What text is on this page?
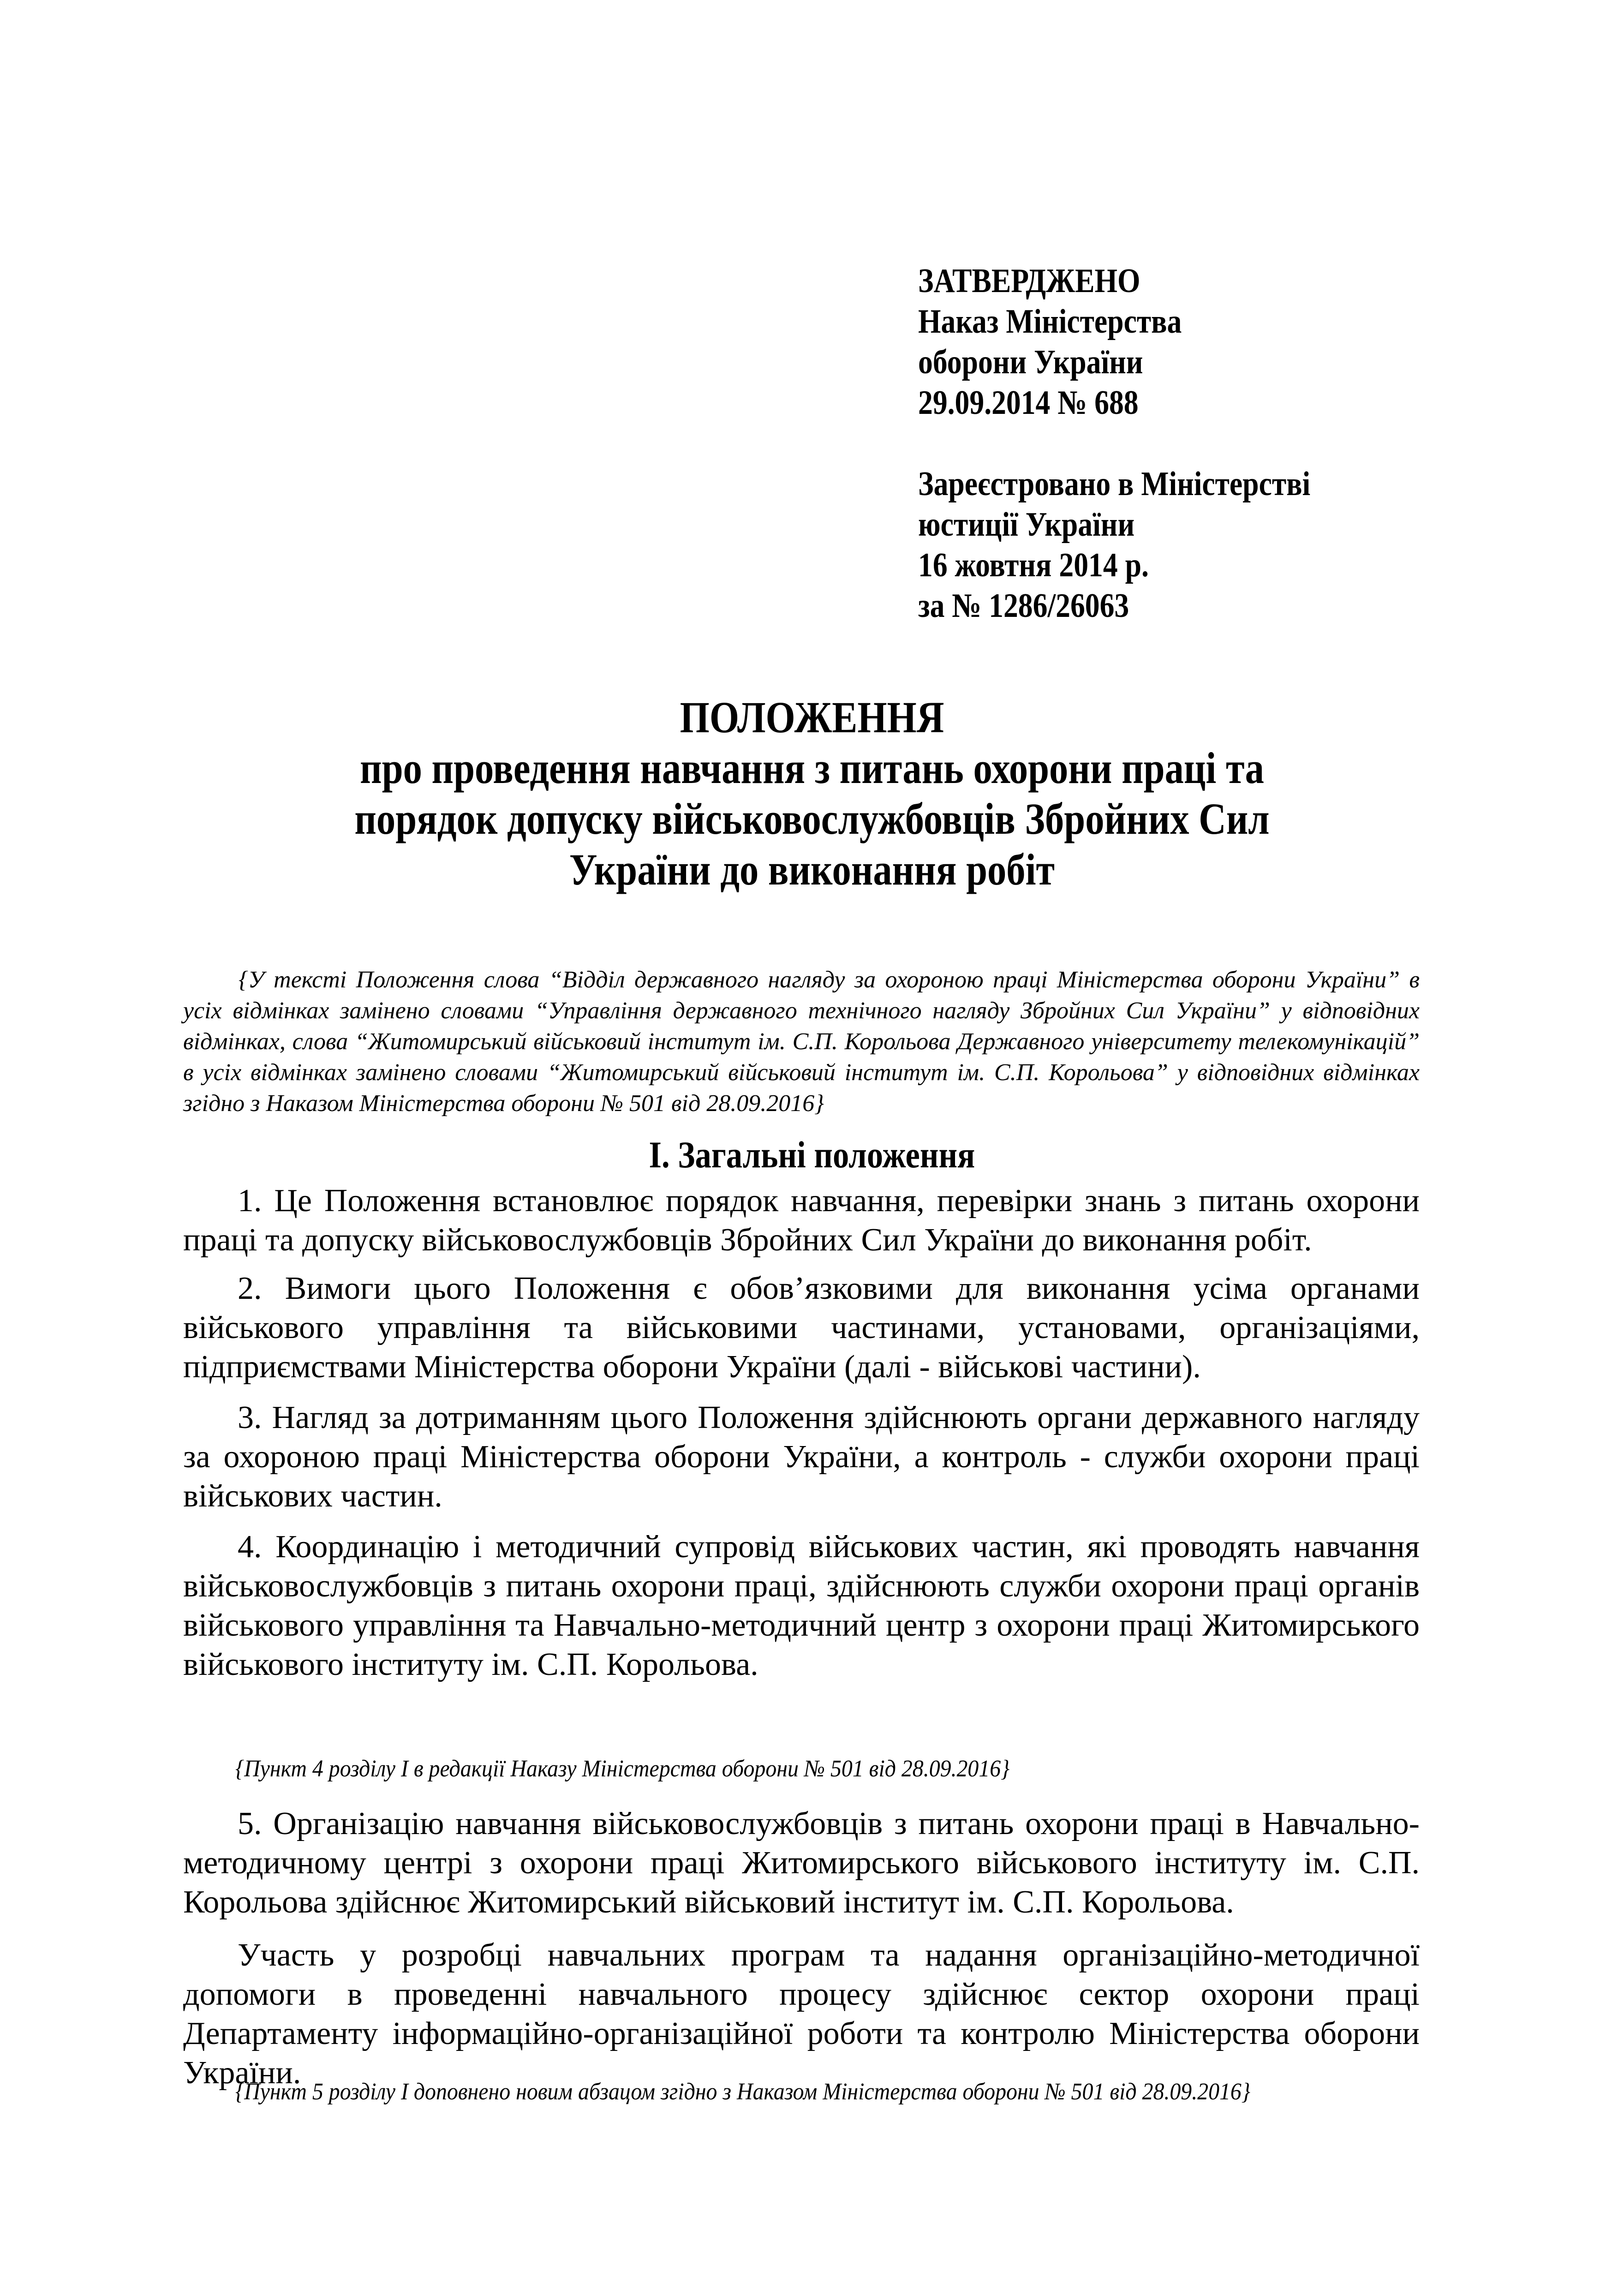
ЗАТВЕРДЖЕНО
Наказ Міністерства
оборони України
29.09.2014 № 688
Зареєстровано в Міністерстві
юстиції України
16 жовтня 2014 р.
за № 1286/26063
ПОЛОЖЕННЯ
про проведення навчання з питань охорони праці та
порядок допуску військовослужбовців Збройних Сил
України до виконання робіт
{У тексті Положення слова “Відділ державного нагляду за охороною праці Міністерства оборони України” в усіх відмінках замінено словами “Управління державного технічного нагляду Збройних Сил України” у відповідних відмінках, слова “Житомирський військовий інститут ім. С.П. Корольова Державного університету телекомунікацій” в усіх відмінках замінено словами “Житомирський військовий інститут ім. С.П. Корольова” у відповідних відмінках згідно з Наказом Міністерства оборони № 501 від 28.09.2016}
I. Загальні положення

1. Це Положення встановлює порядок навчання, перевірки знань з питань охорони праці та допуску військовослужбовців Збройних Сил України до виконання робіт.

2. Вимоги цього Положення є обов’язковими для виконання усіма органами військового управління та військовими частинами, установами, організаціями, підприємствами Міністерства оборони України (далі - військові частини).

3. Нагляд за дотриманням цього Положення здійснюють органи державного нагляду за охороною праці Міністерства оборони України, а контроль - служби охорони праці військових частин.

4. Координацію і методичний супровід військових частин, які проводять навчання військовослужбовців з питань охорони праці, здійснюють служби охорони праці органів військового управління та Навчально-методичний центр з охорони праці Житомирського військового інституту ім. С.П. Корольова.

{Пункт 4 розділу I в редакції Наказу Міністерства оборони № 501 від 28.09.2016}

5. Організацію навчання військовослужбовців з питань охорони праці в Навчально-методичному центрі з охорони праці Житомирського військового інституту ім. С.П. Корольова здійснює Житомирський військовий інститут ім. С.П. Корольова.

Участь у розробці навчальних програм та надання організаційно-методичної допомоги в проведенні навчального процесу здійснює сектор охорони праці Департаменту інформаційно-організаційної роботи та контролю Міністерства оборони України.

{Пункт 5 розділу I доповнено новим абзацом згідно з Наказом Міністерства оборони № 501 від 28.09.2016}
